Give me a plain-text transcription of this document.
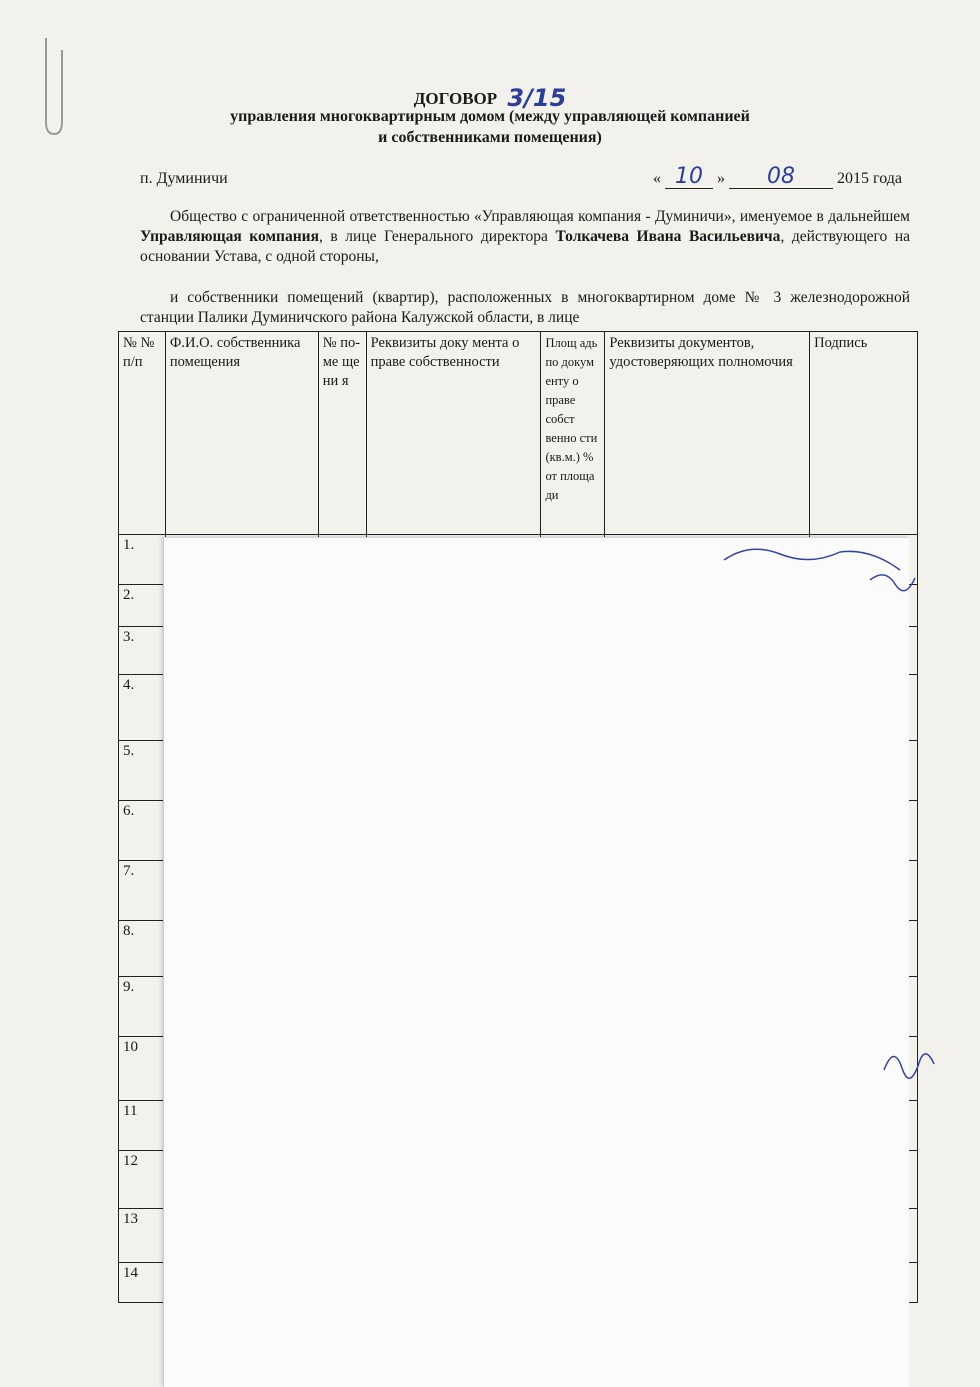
ДОГОВОР 3/15
управления многоквартирным домом (между управляющей компанией
и собственниками помещения)
п. Думиничи	« 10 » 08	2015 года
Общество с ограниченной ответственностью «Управляющая компания - Думиничи», именуемое в дальнейшем Управляющая компания, в лице Генерального директора Толкачева Ивана Васильевича, действующего на основании Устава, с одной стороны,
и собственники помещений (квартир), расположенных в многоквартирном доме № 3 железнодорожной станции Палики Думиничского района Калужской области, в лице
№ № п/п	Ф.И.О. собственника помещения	№ по-ме ще ни я	Реквизиты доку мента о праве собственности	Площ адь по докум енту о праве собст венно сти (кв.м.) % от площа ди	Реквизиты документов, удостоверяющих полномочия	Подпись
1.						
2.						
3.						
4.						
5.						
6.						
7.						
8.						
9.						
10						
11						
12						
13						
14						
